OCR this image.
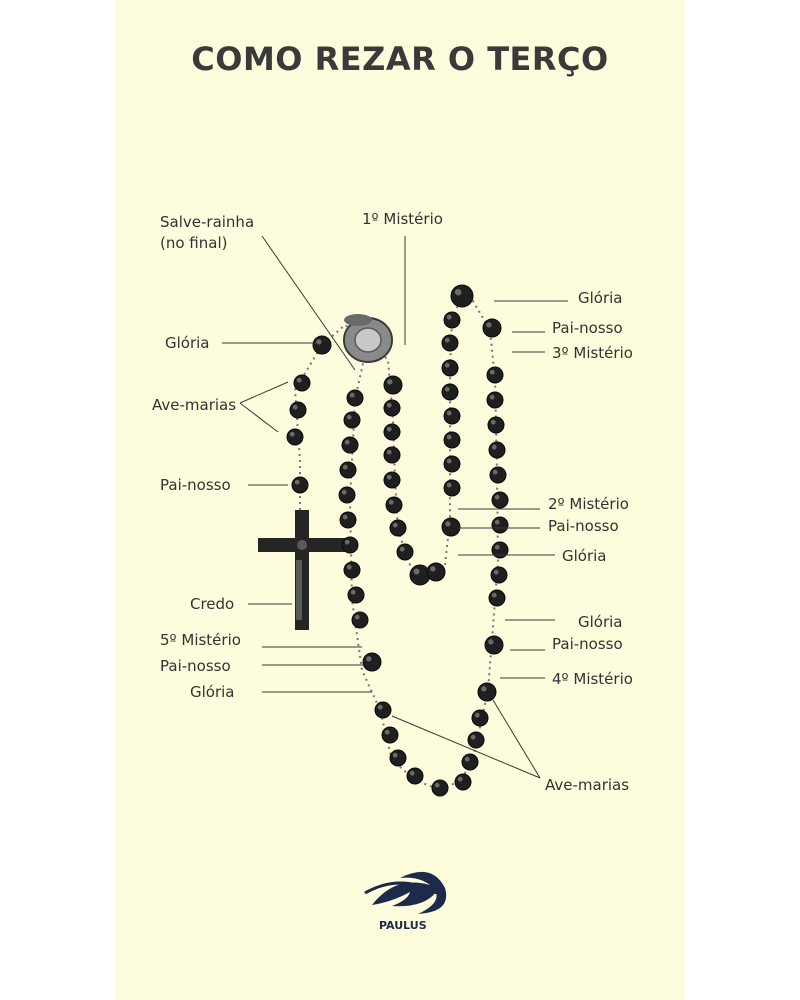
COMO REZAR O TERÇO
Salve-rainha
(no final)
1º Mistério
Glória
Ave-marias
Pai-nosso
Credo
5º Mistério
Pai-nosso
Glória
Glória
Pai-nosso
3º Mistério
2º Mistério
Pai-nosso
Glória
Glória
Pai-nosso
4º Mistério
Ave-marias
PAULUS
